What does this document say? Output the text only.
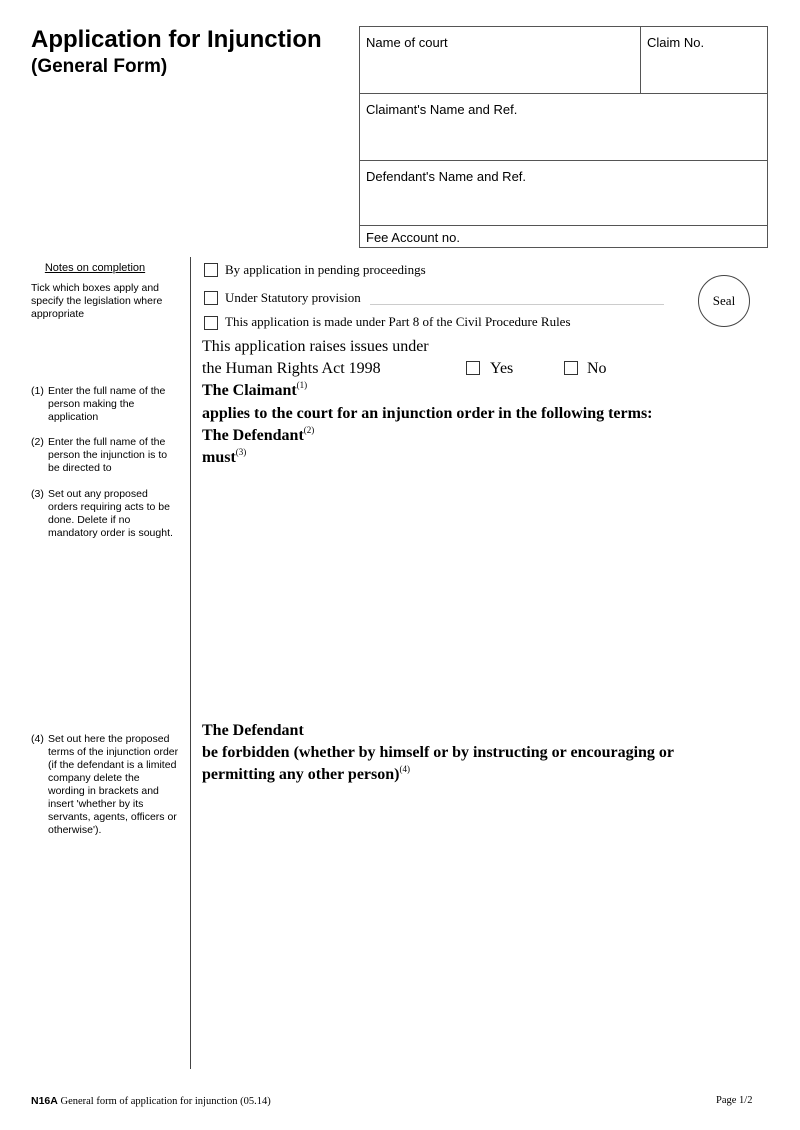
Application for Injunction
(General Form)
Name of court	Claim No.
Claimant's Name and Ref.
Defendant's Name and Ref.
Fee Account no.
Notes on completion
Tick which boxes apply and specify the legislation where appropriate
(1) Enter the full name of the person making the application
(2) Enter the full name of the person the injunction is to be directed to
(3) Set out any proposed orders requiring acts to be done. Delete if no mandatory order is sought.
(4) Set out here the proposed terms of the injunction order (if the defendant is a limited company delete the wording in brackets and insert 'whether by its servants, agents, officers or otherwise').
By application in pending proceedings
Under Statutory provision
This application is made under Part 8 of the Civil Procedure Rules
Seal
This application raises issues under
the Human Rights Act 1998	Yes	No
The Claimant$^{(1)}$
applies to the court for an injunction order in the following terms:
The Defendant$^{(2)}$
must$^{(3)}$
The Defendant
be forbidden (whether by himself or by instructing or encouraging or
permitting any other person)$^{(4)}$
N16A General form of application for injunction (05.14)	Page 1/2
